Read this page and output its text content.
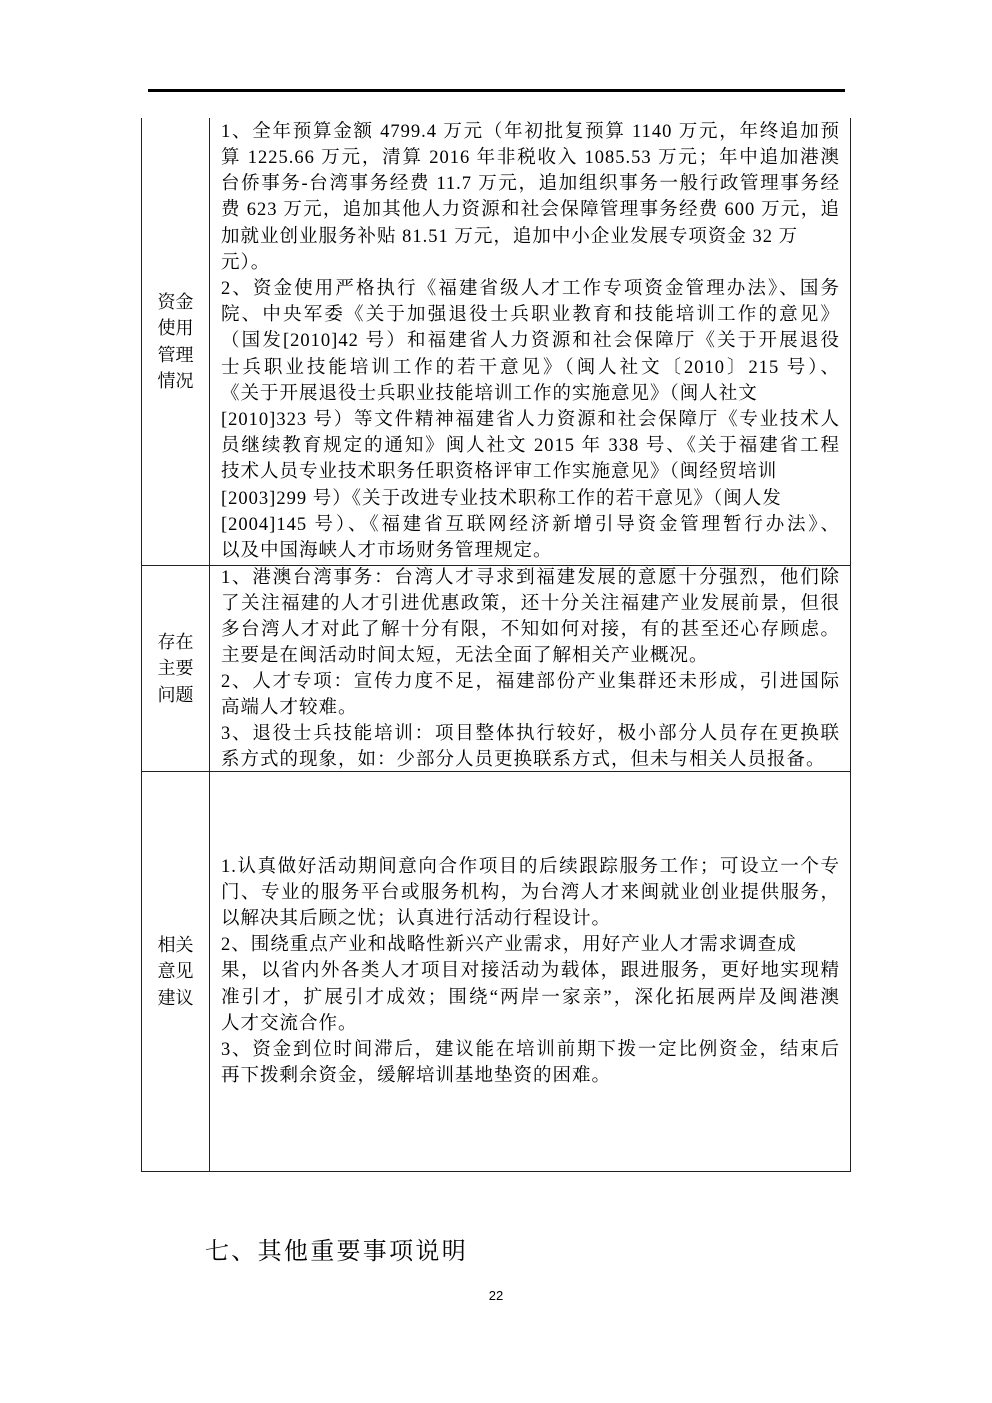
资金
使用
管理
情况
1、全年预算金额 4799.4 万元（年初批复预算 1140 万元，年终追加预
算 1225.66 万元，清算 2016 年非税收入 1085.53 万元；年中追加港澳
台侨事务-台湾事务经费 11.7 万元，追加组织事务一般行政管理事务经
费 623 万元，追加其他人力资源和社会保障管理事务经费 600 万元，追
加就业创业服务补贴 81.51 万元，追加中小企业发展专项资金 32 万
元）。
2、资金使用严格执行《福建省级人才工作专项资金管理办法》、国务
院、中央军委《关于加强退役士兵职业教育和技能培训工作的意见》
（国发[2010]42 号）和福建省人力资源和社会保障厅《关于开展退役
士兵职业技能培训工作的若干意见》（闽人社文〔2010〕215 号）、
《关于开展退役士兵职业技能培训工作的实施意见》（闽人社文
[2010]323 号）等文件精神福建省人力资源和社会保障厅《专业技术人
员继续教育规定的通知》闽人社文 2015 年 338 号、《关于福建省工程
技术人员专业技术职务任职资格评审工作实施意见》（闽经贸培训
[2003]299 号）《关于改进专业技术职称工作的若干意见》（闽人发
[2004]145 号）、《福建省互联网经济新增引导资金管理暂行办法》、
以及中国海峡人才市场财务管理规定。
存在
主要
问题
1、港澳台湾事务：台湾人才寻求到福建发展的意愿十分强烈，他们除
了关注福建的人才引进优惠政策，还十分关注福建产业发展前景，但很
多台湾人才对此了解十分有限，不知如何对接，有的甚至还心存顾虑。
主要是在闽活动时间太短，无法全面了解相关产业概况。
2、人才专项：宣传力度不足，福建部份产业集群还未形成，引进国际
高端人才较难。
3、退役士兵技能培训：项目整体执行较好，极小部分人员存在更换联
系方式的现象，如：少部分人员更换联系方式，但未与相关人员报备。
相关
意见
建议
1.认真做好活动期间意向合作项目的后续跟踪服务工作；可设立一个专
门、专业的服务平台或服务机构，为台湾人才来闽就业创业提供服务，
以解决其后顾之忧；认真进行活动行程设计。
2、围绕重点产业和战略性新兴产业需求，用好产业人才需求调查成
果，以省内外各类人才项目对接活动为载体，跟进服务，更好地实现精
准引才，扩展引才成效；围绕“两岸一家亲”，深化拓展两岸及闽港澳
人才交流合作。
3、资金到位时间滞后，建议能在培训前期下拨一定比例资金，结束后
再下拨剩余资金，缓解培训基地垫资的困难。
七、其他重要事项说明
22
